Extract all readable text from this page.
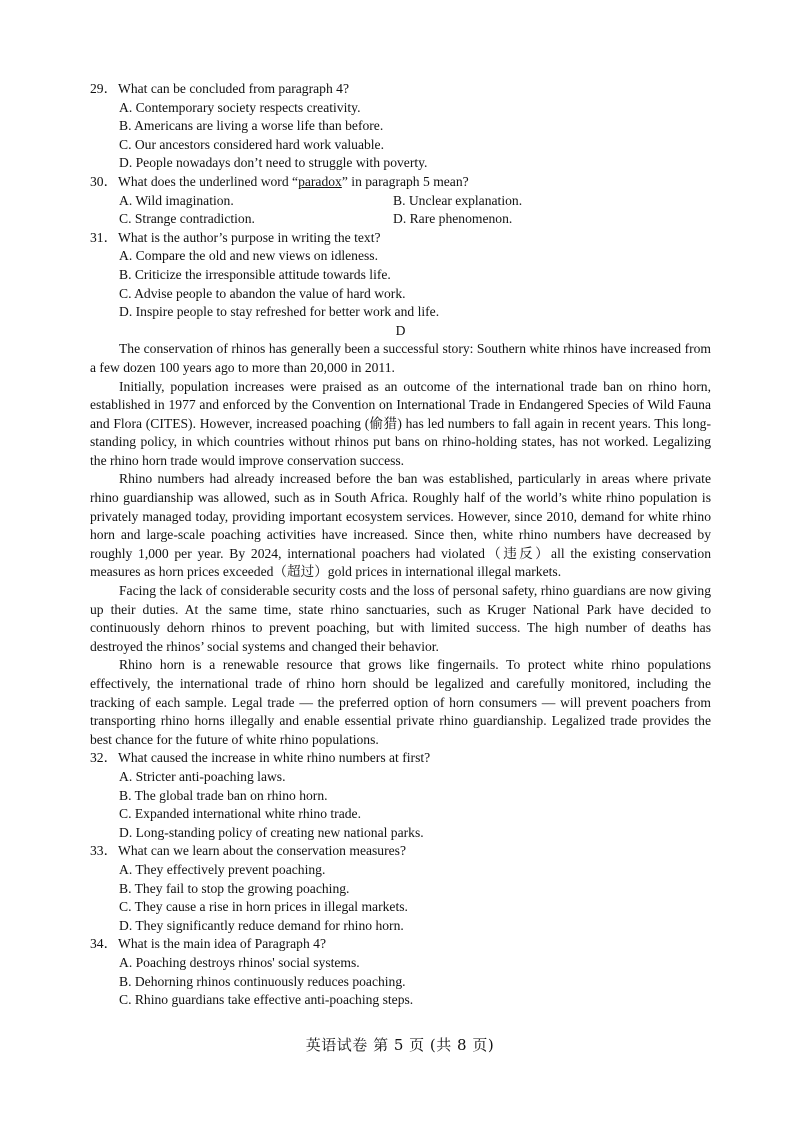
29．What can be concluded from paragraph 4?
A. Contemporary society respects creativity.
B. Americans are living a worse life than before.
C. Our ancestors considered hard work valuable.
D. People nowadays don’t need to struggle with poverty.
30．What does the underlined word “paradox” in paragraph 5 mean?
A. Wild imagination.	B. Unclear explanation.
C. Strange contradiction.	D. Rare phenomenon.
31．What is the author’s purpose in writing the text?
A. Compare the old and new views on idleness.
B. Criticize the irresponsible attitude towards life.
C. Advise people to abandon the value of hard work.
D. Inspire people to stay refreshed for better work and life.

D

The conservation of rhinos has generally been a successful story: Southern white rhinos have increased from a few dozen 100 years ago to more than 20,000 in 2011.

Initially, population increases were praised as an outcome of the international trade ban on rhino horn, established in 1977 and enforced by the Convention on International Trade in Endangered Species of Wild Fauna and Flora (CITES). However, increased poaching (偷猎) has led numbers to fall again in recent years. This long-standing policy, in which countries without rhinos put bans on rhino-holding states, has not worked. Legalizing the rhino horn trade would improve conservation success.

Rhino numbers had already increased before the ban was established, particularly in areas where private rhino guardianship was allowed, such as in South Africa. Roughly half of the world’s white rhino population is privately managed today, providing important ecosystem services. However, since 2010, demand for white rhino horn and large-scale poaching activities have increased. Since then, white rhino numbers have decreased by roughly 1,000 per year. By 2024, international poachers had violated（违反）all the existing conservation measures as horn prices exceeded（超过）gold prices in international illegal markets.

Facing the lack of considerable security costs and the loss of personal safety, rhino guardians are now giving up their duties. At the same time, state rhino sanctuaries, such as Kruger National Park have decided to continuously dehorn rhinos to prevent poaching, but with limited success. The high number of deaths has destroyed the rhinos’ social systems and changed their behavior.

Rhino horn is a renewable resource that grows like fingernails. To protect white rhino populations effectively, the international trade of rhino horn should be legalized and carefully monitored, including the tracking of each sample. Legal trade — the preferred option of horn consumers — will prevent poachers from transporting rhino horns illegally and enable essential private rhino guardianship. Legalized trade provides the best chance for the future of white rhino populations.

32．What caused the increase in white rhino numbers at first?
A. Stricter anti-poaching laws.
B. The global trade ban on rhino horn.
C. Expanded international white rhino trade.
D. Long-standing policy of creating new national parks.
33．What can we learn about the conservation measures?
A. They effectively prevent poaching.
B. They fail to stop the growing poaching.
C. They cause a rise in horn prices in illegal markets.
D. They significantly reduce demand for rhino horn.
34．What is the main idea of Paragraph 4?
A. Poaching destroys rhinos' social systems.
B. Dehorning rhinos continuously reduces poaching.
C. Rhino guardians take effective anti-poaching steps.
英语试卷 第 5 页 (共 8 页)
